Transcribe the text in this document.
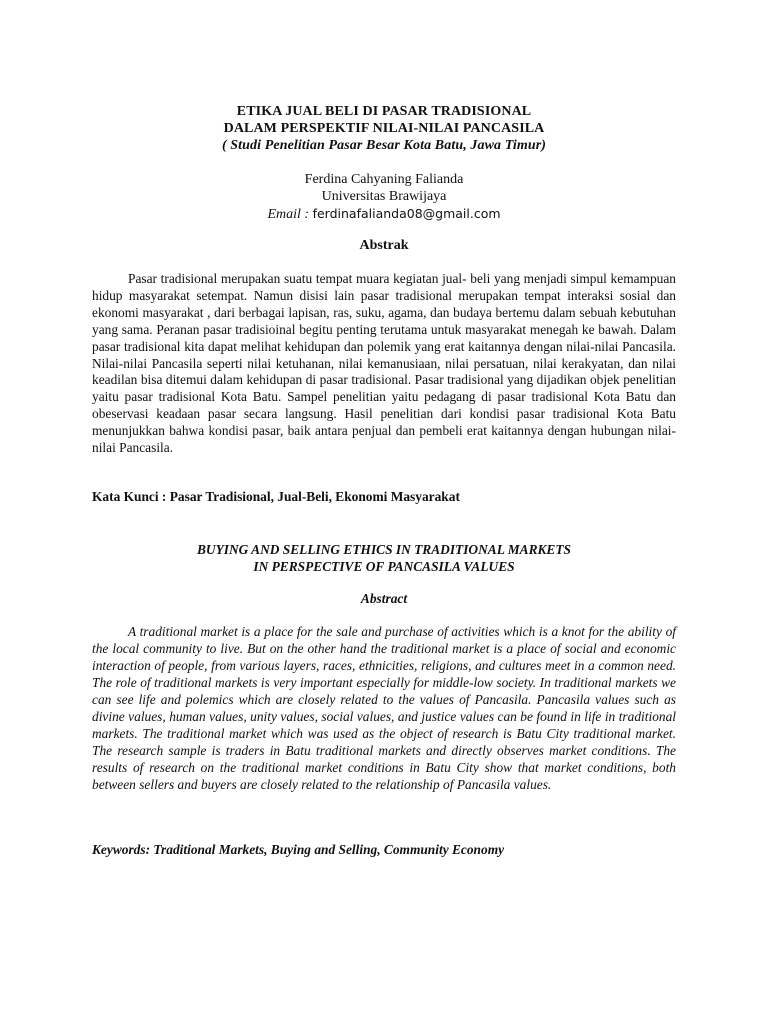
ETIKA JUAL BELI DI PASAR TRADISIONAL
DALAM PERSPEKTIF NILAI-NILAI PANCASILA
( Studi Penelitian Pasar Besar Kota Batu, Jawa Timur)
Ferdina Cahyaning Falianda
Universitas Brawijaya
Email : ferdinafalianda08@gmail.com
Abstrak
Pasar tradisional merupakan suatu tempat muara kegiatan jual- beli yang menjadi simpul kemampuan hidup masyarakat setempat. Namun disisi lain pasar tradisional merupakan tempat interaksi sosial dan ekonomi masyarakat , dari berbagai lapisan, ras, suku, agama, dan budaya bertemu dalam sebuah kebutuhan yang sama. Peranan pasar tradisioinal begitu penting terutama untuk masyarakat menegah ke bawah. Dalam pasar tradisional kita dapat melihat kehidupan dan polemik yang erat kaitannya dengan nilai-nilai Pancasila. Nilai-nilai Pancasila seperti nilai ketuhanan, nilai kemanusiaan, nilai persatuan, nilai kerakyatan, dan nilai keadilan bisa ditemui dalam kehidupan di pasar tradisional. Pasar tradisional yang dijadikan objek penelitian yaitu pasar tradisional Kota Batu. Sampel penelitian yaitu pedagang di pasar tradisional Kota Batu dan obeservasi keadaan pasar secara langsung. Hasil penelitian dari kondisi pasar tradisional Kota Batu menunjukkan bahwa kondisi pasar, baik antara penjual dan pembeli erat kaitannya dengan hubungan nilai-nilai Pancasila.
Kata Kunci : Pasar Tradisional, Jual-Beli, Ekonomi Masyarakat
BUYING AND SELLING ETHICS IN TRADITIONAL MARKETS
IN PERSPECTIVE OF PANCASILA VALUES
Abstract
A traditional market is a place for the sale and purchase of activities which is a knot for the ability of the local community to live. But on the other hand the traditional market is a place of social and economic interaction of people, from various layers, races, ethnicities, religions, and cultures meet in a common need. The role of traditional markets is very important especially for middle-low society. In traditional markets we can see life and polemics which are closely related to the values of Pancasila. Pancasila values such as divine values, human values, unity values, social values, and justice values can be found in life in traditional markets. The traditional market which was used as the object of research is Batu City traditional market. The research sample is traders in Batu traditional markets and directly observes market conditions. The results of research on the traditional market conditions in Batu City show that market conditions, both between sellers and buyers are closely related to the relationship of Pancasila values.
Keywords: Traditional Markets, Buying and Selling, Community Economy
